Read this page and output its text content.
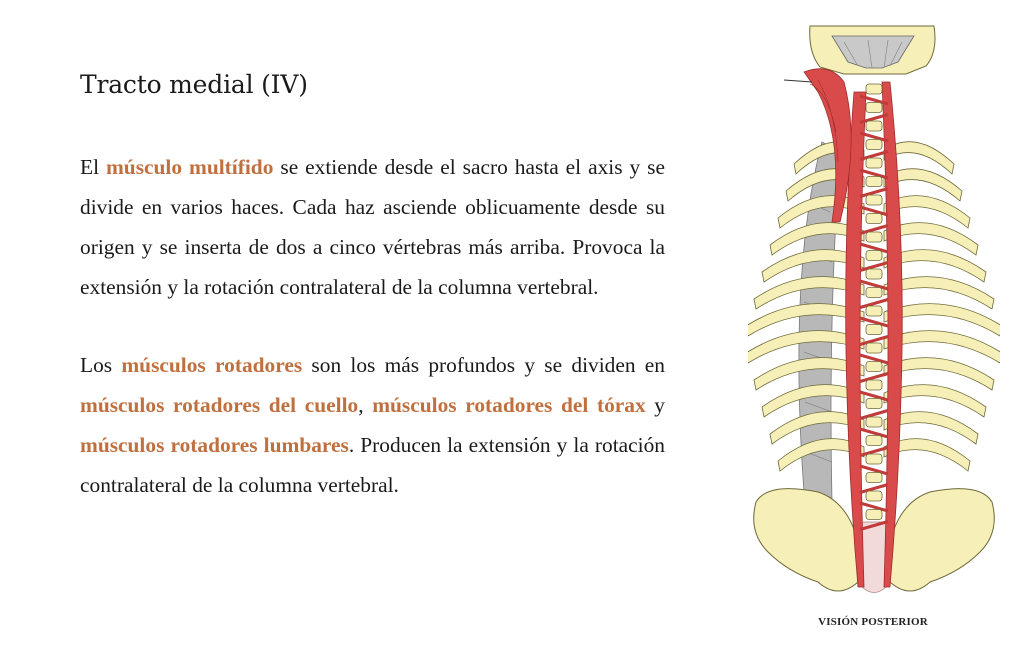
Tracto medial (IV)

El músculo multífido se extiende desde el sacro hasta el axis y se divide en varios haces. Cada haz asciende oblicuamente desde su origen y se inserta de dos a cinco vértebras más arriba. Provoca la extensión y la rotación contralateral de la columna vertebral.

Los músculos rotadores son los más profundos y se dividen en músculos rotadores del cuello, músculos rotadores del tórax y músculos rotadores lumbares. Producen la extensión y la rotación contralateral de la columna vertebral.

VISIÓN POSTERIOR
